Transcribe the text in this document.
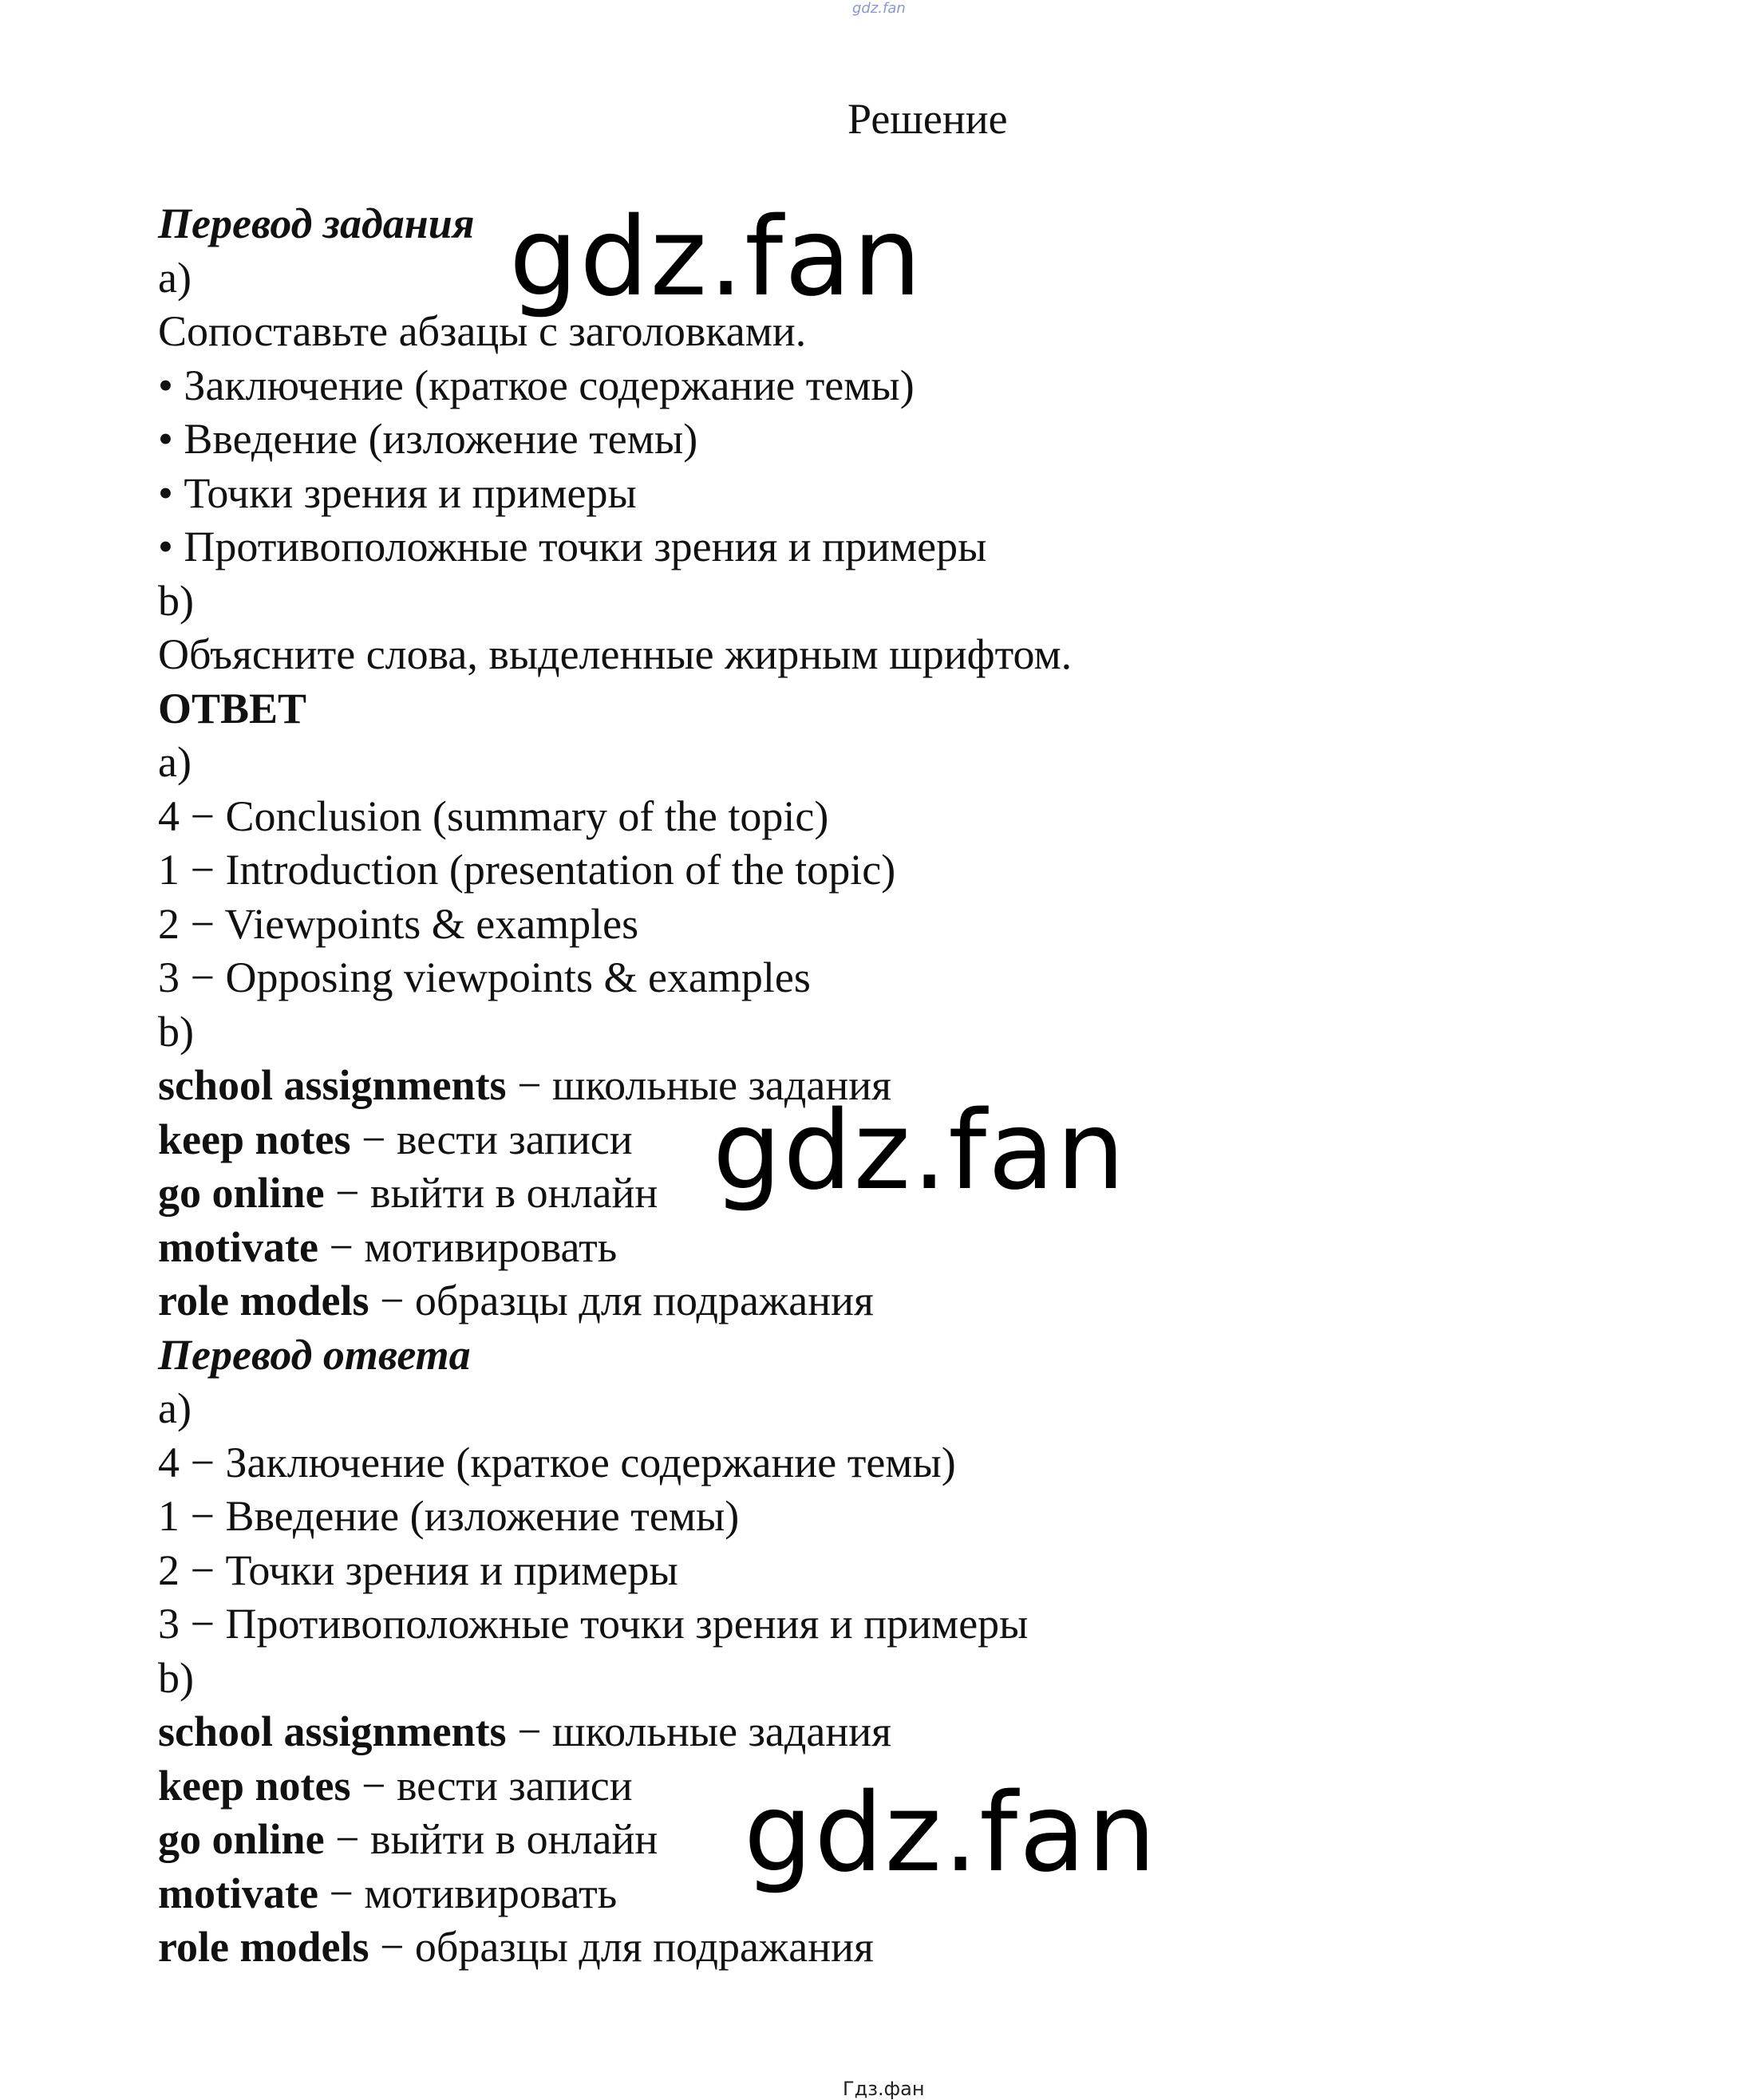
gdz.fan
Решение
Перевод задания
a)
Сопоставьте абзацы с заголовками.
• Заключение (краткое содержание темы)
• Введение (изложение темы)
• Точки зрения и примеры
• Противоположные точки зрения и примеры
b)
Объясните слова, выделенные жирным шрифтом.
ОТВЕТ
a)
4 − Conclusion (summary of the topic)
1 − Introduction (presentation of the topic)
2 − Viewpoints & examples
3 − Opposing viewpoints & examples
b)
school assignments − школьные задания
keep notes − вести записи
go online − выйти в онлайн
motivate − мотивировать
role models − образцы для подражания
Перевод ответа
a)
4 − Заключение (краткое содержание темы)
1 − Введение (изложение темы)
2 − Точки зрения и примеры
3 − Противоположные точки зрения и примеры
b)
school assignments − школьные задания
keep notes − вести записи
go online − выйти в онлайн
motivate − мотивировать
role models − образцы для подражания
gdz.fan
gdz.fan
gdz.fan
Гдз.фан
